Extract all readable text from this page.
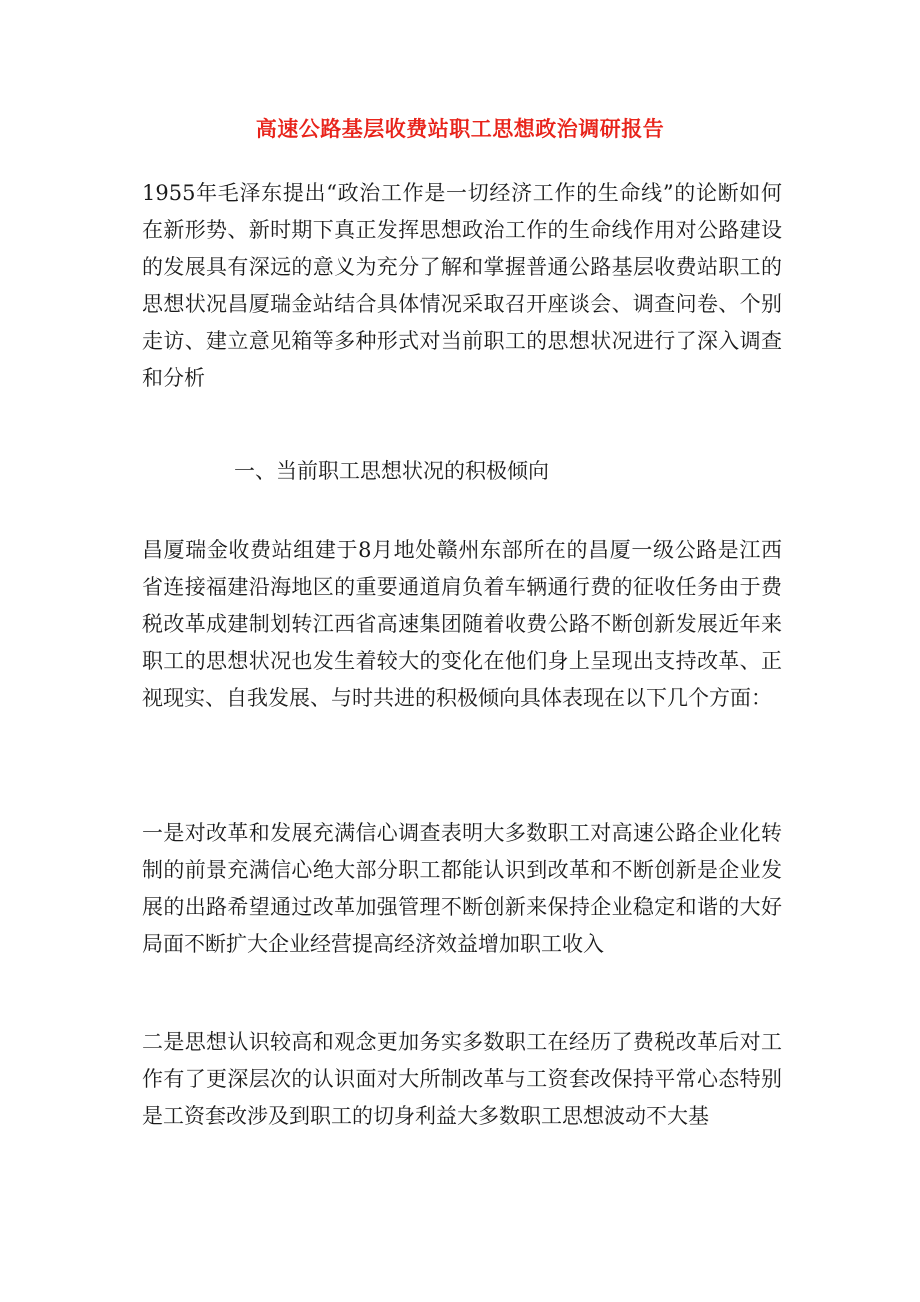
高速公路基层收费站职工思想政治调研报告

1955年毛泽东提出“政治工作是一切经济工作的生命线”的论断如何在新形势、新时期下真正发挥思想政治工作的生命线作用对公路建设的发展具有深远的意义为充分了解和掌握普通公路基层收费站职工的思想状况昌厦瑞金站结合具体情况采取召开座谈会、调查问卷、个别走访、建立意见箱等多种形式对当前职工的思想状况进行了深入调查和分析

一、当前职工思想状况的积极倾向

昌厦瑞金收费站组建于8月地处赣州东部所在的昌厦一级公路是江西省连接福建沿海地区的重要通道肩负着车辆通行费的征收任务由于费税改革成建制划转江西省高速集团随着收费公路不断创新发展近年来职工的思想状况也发生着较大的变化在他们身上呈现出支持改革、正视现实、自我发展、与时共进的积极倾向具体表现在以下几个方面：

一是对改革和发展充满信心调查表明大多数职工对高速公路企业化转制的前景充满信心绝大部分职工都能认识到改革和不断创新是企业发展的出路希望通过改革加强管理不断创新来保持企业稳定和谐的大好局面不断扩大企业经营提高经济效益增加职工收入

二是思想认识较高和观念更加务实多数职工在经历了费税改革后对工作有了更深层次的认识面对大所制改革与工资套改保持平常心态特别是工资套改涉及到职工的切身利益大多数职工思想波动不大基
